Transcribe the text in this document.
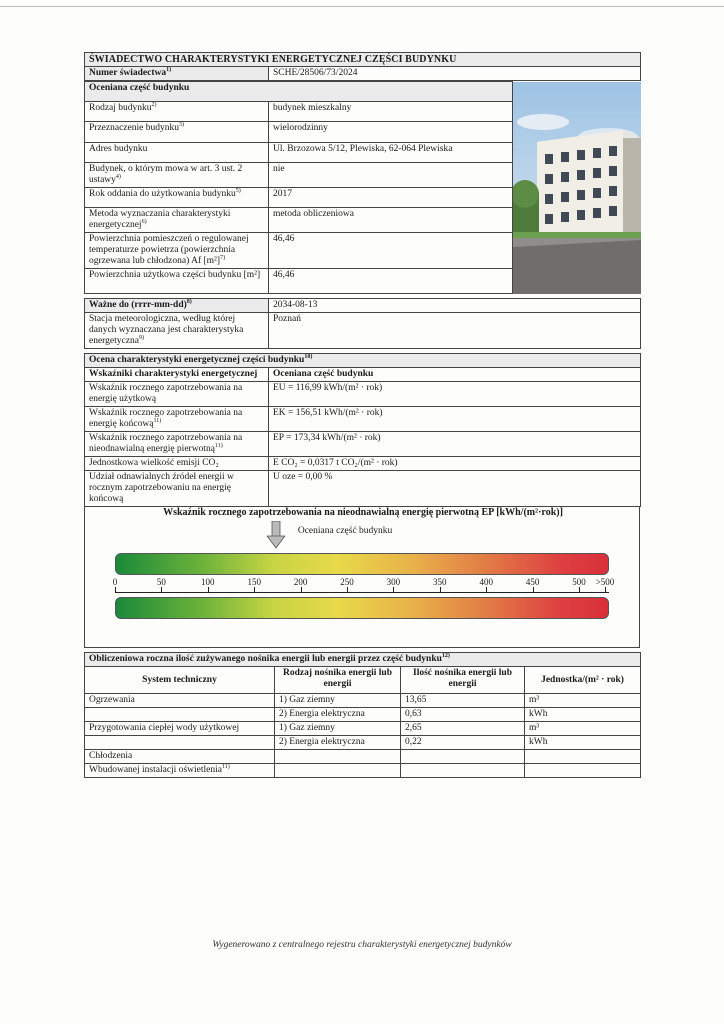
ŚWIADECTWO CHARAKTERYSTYKI ENERGETYCZNEJ CZĘŚCI BUDYNKU
Numer świadectwa$^{1)}$	SCHE/28506/73/2024
Oceniana część budynku	

Rodzaj budynku$^{2)}$	budynek mieszkalny	
Przeznaczenie budynku$^{3)}$	wielorodzinny	
Adres budynku	Ul. Brzozowa 5/12, Plewiska, 62-064 Plewiska	
Budynek, o którym mowa w art. 3 ust. 2 ustawy$^{4)}$	nie	
Rok oddania do użytkowania budynku$^{5)}$	2017	
Metoda wyznaczania charakterystyki energetycznej$^{6)}$	metoda obliczeniowa	
Powierzchnia pomieszczeń o regulowanej temperaturze powietrza (powierzchnia ogrzewana lub chłodzona) Af $[m^2]^{7)}$	46,46	
Powierzchnia użytkowa części budynku [m²]	46,46	
Ważne do (rrrr-mm-dd)$^{8)}$	2034-08-13
Stacja meteorologiczna, według której danych wyznaczana jest charakterystyka energetyczna$^{9)}$	Poznań
Ocena charakterystyki energetycznej części budynku$^{10)}$
Wskaźniki charakterystyki energetycznej	Oceniana część budynku
Wskaźnik rocznego zapotrzebowania na energię użytkową	EU = 116,99 kWh/(m² · rok)
Wskaźnik rocznego zapotrzebowania na energię końcową$^{11)}$	EK = 156,51 kWh/(m² · rok)
Wskaźnik rocznego zapotrzebowania na nieodnawialną energię pierwotną$^{11)}$	EP = 173,34 kWh/(m² · rok)
Jednostkowa wielkość emisji CO₂	E CO₂ = 0,0317 t CO₂/(m² · rok)
Udział odnawialnych źródeł energii w rocznym zapotrzebowaniu na energię końcową	U oze = 0,00 %
Wskaźnik rocznego zapotrzebowania na nieodnawialną energię pierwotną EP [kWh/(m²·rok)]
Oceniana część budynku
0	50	100	150	200	250	300	350	400	450	500 >500
Obliczeniowa roczna ilość zużywanego nośnika energii lub energii przez część budynku$^{12)}$
System techniczny	Rodzaj nośnika energii lub energii	Ilość nośnika energii lub energii	Jednostka/(m² · rok)
Ogrzewania	1) Gaz ziemny	13,65	m³
	2) Energia elektryczna	0,63	kWh
Przygotowania ciepłej wody użytkowej	1) Gaz ziemny	2,65	m³
	2) Energia elektryczna	0,22	kWh
Chłodzenia			
Wbudowanej instalacji oświetlenia$^{11)}$			
Wygenerowano z centralnego rejestru charakterystyki energetycznej budynków
